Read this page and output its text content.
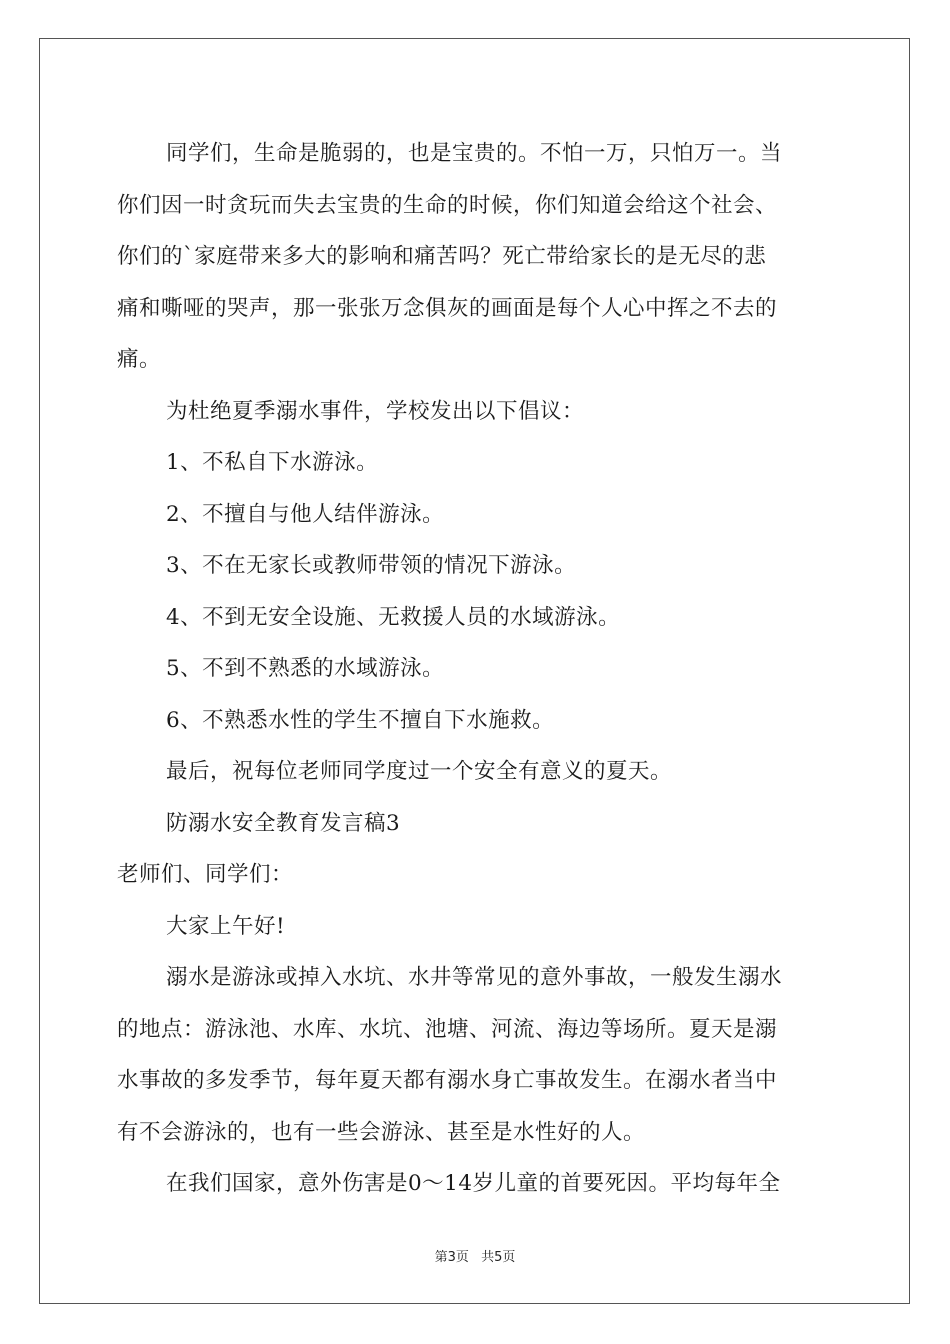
同学们，生命是脆弱的，也是宝贵的。不怕一万，只怕万一。当
你们因一时贪玩而失去宝贵的生命的时候，你们知道会给这个社会、
你们的`家庭带来多大的影响和痛苦吗？死亡带给家长的是无尽的悲
痛和嘶哑的哭声，那一张张万念俱灰的画面是每个人心中挥之不去的
痛。

为杜绝夏季溺水事件，学校发出以下倡议：

1、不私自下水游泳。

2、不擅自与他人结伴游泳。

3、不在无家长或教师带领的情况下游泳。

4、不到无安全设施、无救援人员的水域游泳。

5、不到不熟悉的水域游泳。

6、不熟悉水性的学生不擅自下水施救。

最后，祝每位老师同学度过一个安全有意义的夏天。

防溺水安全教育发言稿3

老师们、同学们：

大家上午好!

溺水是游泳或掉入水坑、水井等常见的意外事故，一般发生溺水
的地点：游泳池、水库、水坑、池塘、河流、海边等场所。夏天是溺
水事故的多发季节，每年夏天都有溺水身亡事故发生。在溺水者当中
有不会游泳的，也有一些会游泳、甚至是水性好的人。

在我们国家，意外伤害是0～14岁儿童的首要死因。平均每年全

第3页 共5页
